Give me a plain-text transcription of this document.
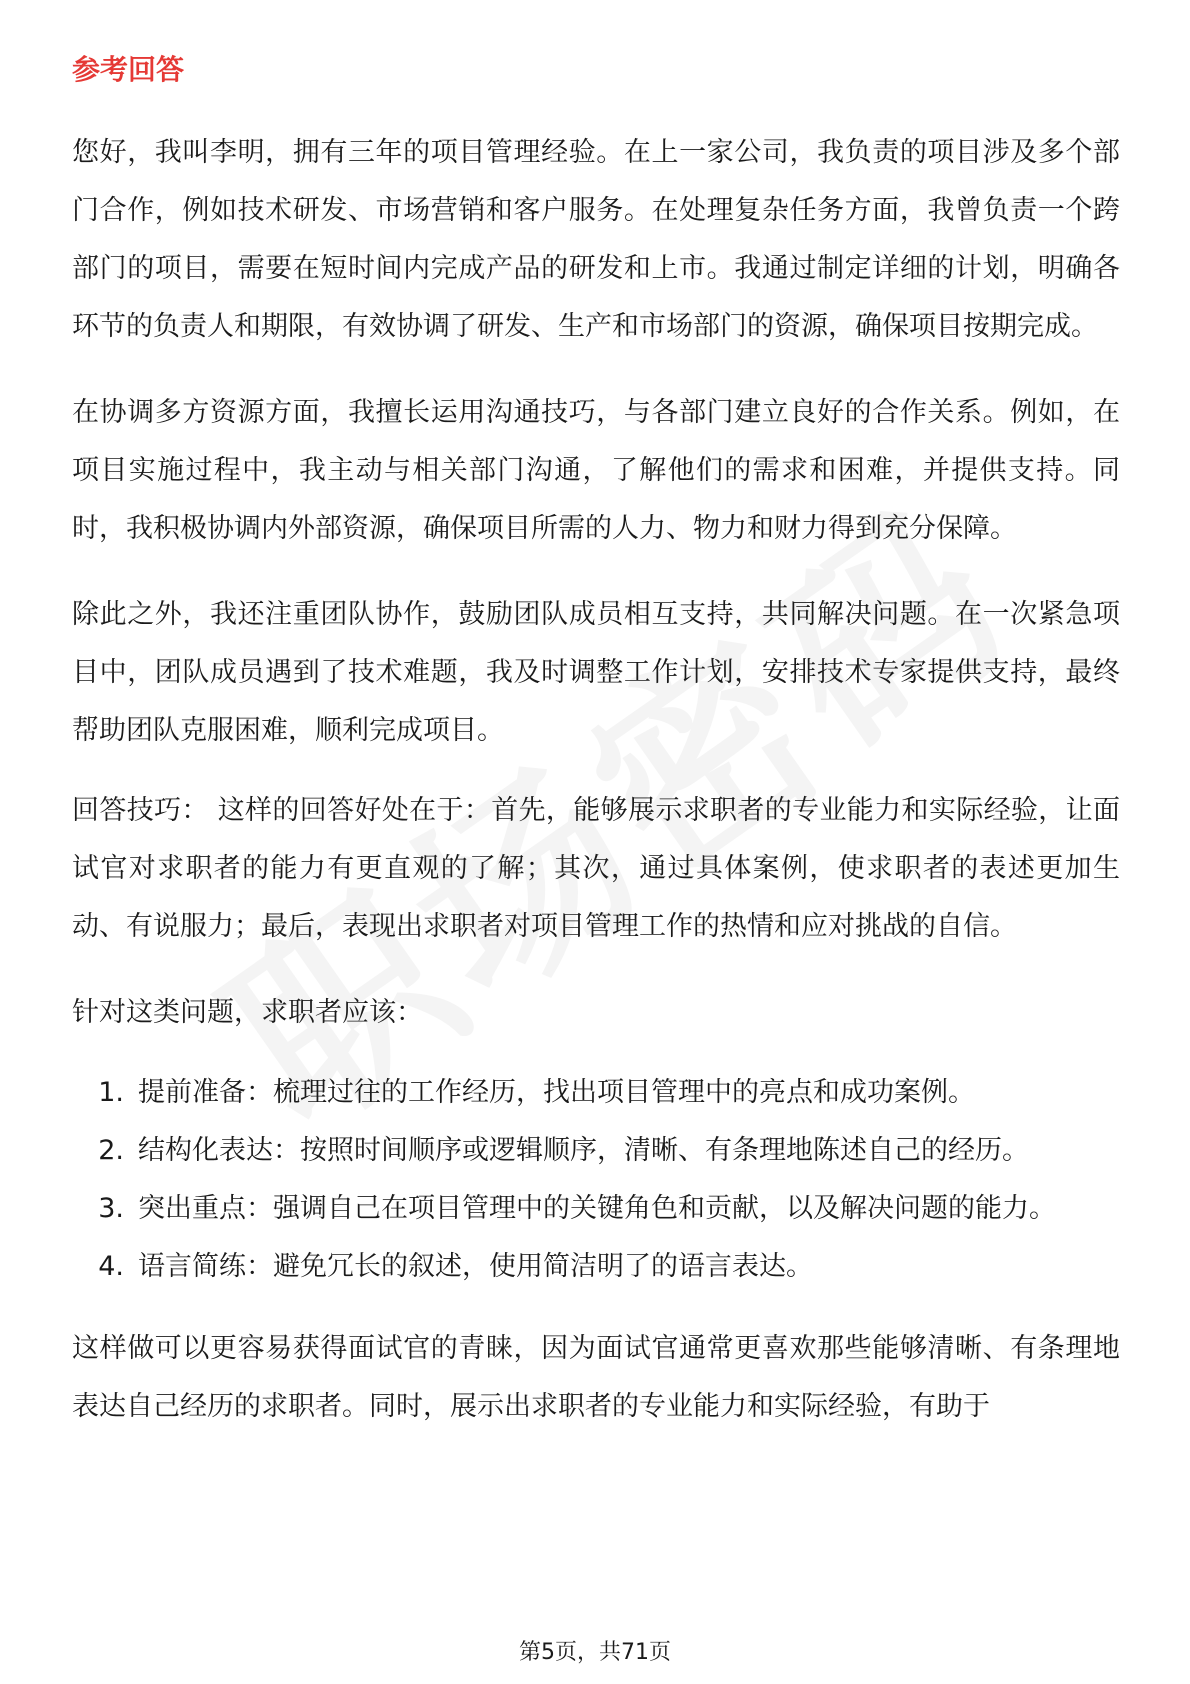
参考回答

您好，我叫李明，拥有三年的项目管理经验。在上一家公司，我负责的项目涉及多个部门合作，例如技术研发、市场营销和客户服务。在处理复杂任务方面，我曾负责一个跨部门的项目，需要在短时间内完成产品的研发和上市。我通过制定详细的计划，明确各环节的负责人和期限，有效协调了研发、生产和市场部门的资源，确保项目按期完成。

在协调多方资源方面，我擅长运用沟通技巧，与各部门建立良好的合作关系。例如，在项目实施过程中，我主动与相关部门沟通，了解他们的需求和困难，并提供支持。同时，我积极协调内外部资源，确保项目所需的人力、物力和财力得到充分保障。

除此之外，我还注重团队协作，鼓励团队成员相互支持，共同解决问题。在一次紧急项目中，团队成员遇到了技术难题，我及时调整工作计划，安排技术专家提供支持，最终帮助团队克服困难，顺利完成项目。

回答技巧： 这样的回答好处在于：首先，能够展示求职者的专业能力和实际经验，让面试官对求职者的能力有更直观的了解；其次，通过具体案例，使求职者的表述更加生动、有说服力；最后，表现出求职者对项目管理工作的热情和应对挑战的自信。

针对这类问题，求职者应该：

1. 提前准备：梳理过往的工作经历，找出项目管理中的亮点和成功案例。
2. 结构化表达：按照时间顺序或逻辑顺序，清晰、有条理地陈述自己的经历。
3. 突出重点：强调自己在项目管理中的关键角色和贡献，以及解决问题的能力。
4. 语言简练：避免冗长的叙述，使用简洁明了的语言表达。

这样做可以更容易获得面试官的青睐，因为面试官通常更喜欢那些能够清晰、有条理地表达自己经历的求职者。同时，展示出求职者的专业能力和实际经验，有助于

第5页，共71页
